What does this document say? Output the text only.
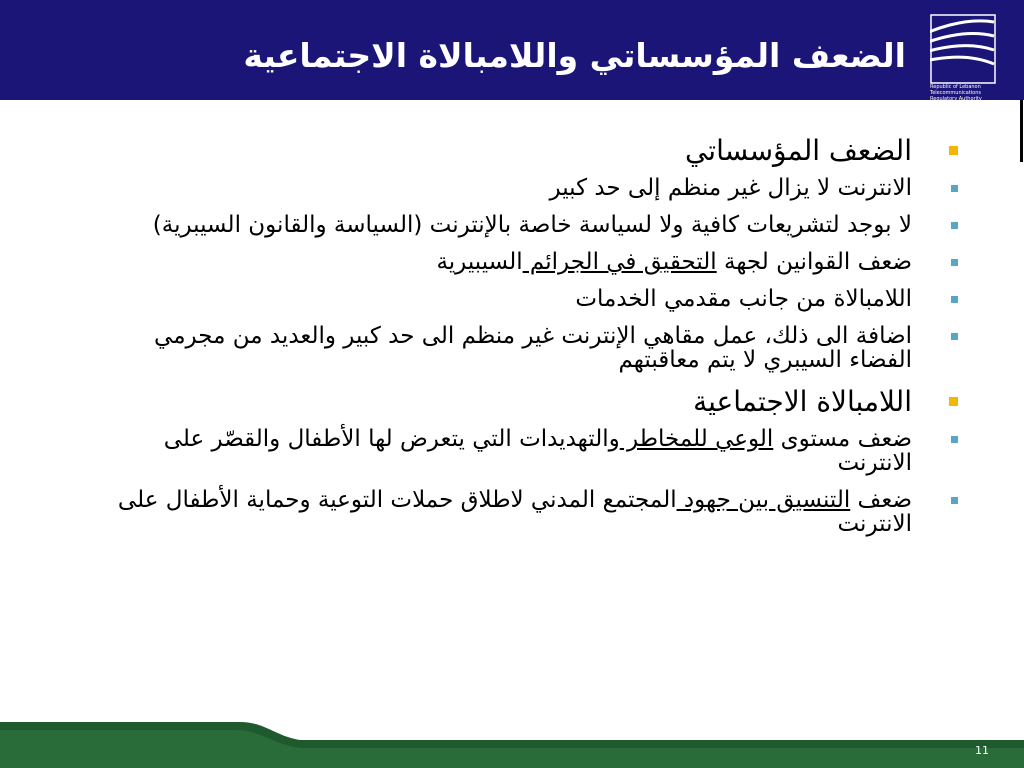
الضعف المؤسساتي واللامبالاة الاجتماعية
Republic of Lebanon Telecommunications Regulatory Authority
الضعف المؤسساتي
الانترنت لا يزال غير منظم إلى حد كبير
لا بوجد لتشريعات كافية ولا لسياسة خاصة بالإنترنت (السياسة والقانون السيبرية)
ضعف القوانين لجهة التحقيق في الجرائم السيبيرية
اللامبالاة من جانب مقدمي الخدمات
اضافة الى ذلك، عمل مقاهي الإنترنت غير منظم الى حد كبير والعديد من مجرمي الفضاء السيبري لا يتم معاقبتهم
اللامبالاة الاجتماعية
ضعف مستوى الوعي للمخاطر والتهديدات التي يتعرض لها الأطفال والقصّر على الانترنت
ضعف التنسيق بين جهود المجتمع المدني لاطلاق حملات التوعية وحماية الأطفال على الانترنت
11
